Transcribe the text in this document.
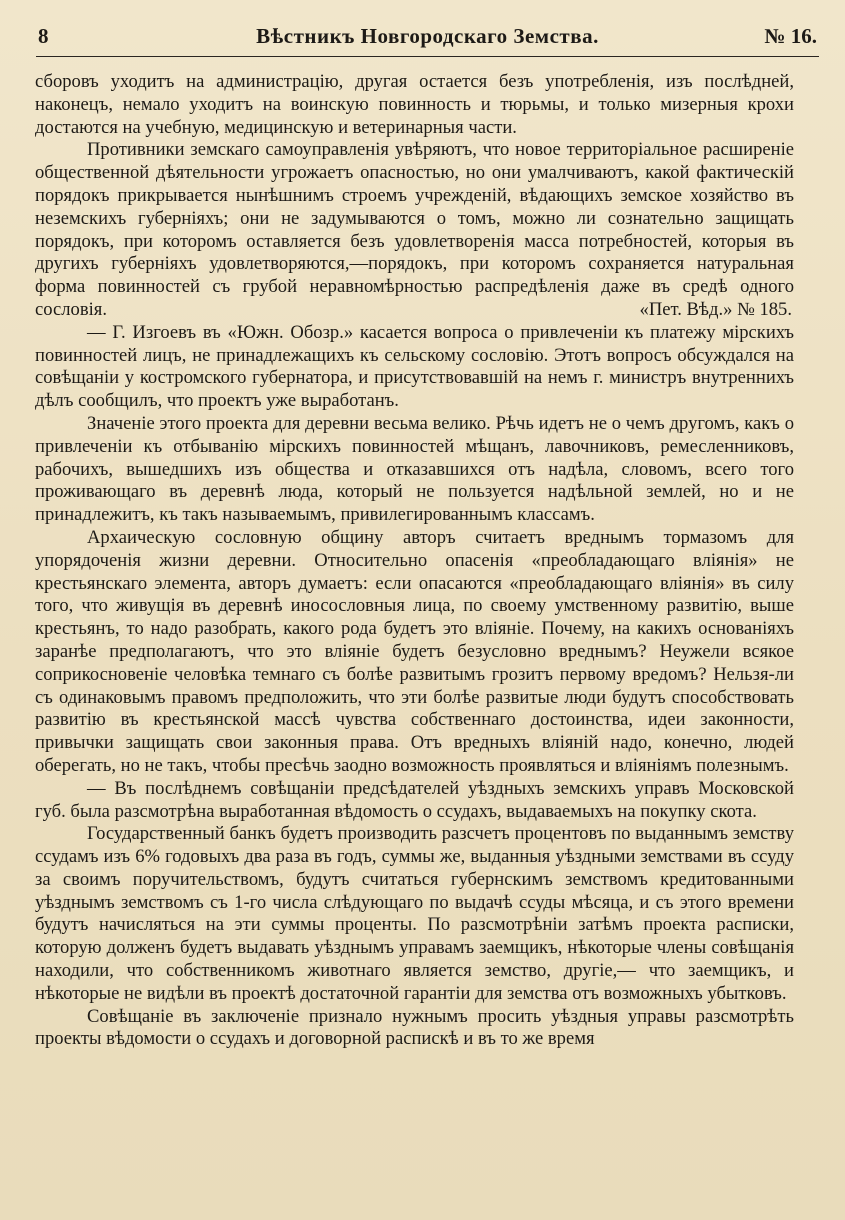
8	Вѣстникъ Новгородскаго Земства.	№ 16.

сборовъ уходитъ на администрацію, другая остается безъ употребленія, изъ послѣдней, наконецъ, немало уходитъ на воинскую повинность и тюрьмы, и только мизерныя крохи достаются на учебную, медицинскую и ветеринарныя части.

Противники земскаго самоуправленія увѣряютъ, что новое территоріальное расширеніе общественной дѣятельности угрожаетъ опасностью, но они умалчиваютъ, какой фактическій порядокъ прикрывается нынѣшнимъ строемъ учрежденій, вѣдающихъ земское хозяйство въ неземскихъ губерніяхъ; они не задумываются о томъ, можно ли сознательно защищать порядокъ, при которомъ оставляется безъ удовлетворенія масса потребностей, которыя въ другихъ губерніяхъ удовлетворяются,—порядокъ, при которомъ сохраняется натуральная форма повинностей съ грубой неравномѣрностью распредѣленія даже въ средѣ одного сословія.	«Пет. Вѣд.» № 185.

— Г. Изгоевъ въ «Южн. Обозр.» касается вопроса о привлеченіи къ платежу мірскихъ повинностей лицъ, не принадлежащихъ къ сельскому сословію. Этотъ вопросъ обсуждался на совѣщаніи у костромского губернатора, и присутствовавшій на немъ г. министръ внутреннихъ дѣлъ сообщилъ, что проектъ уже выработанъ.

Значеніе этого проекта для деревни весьма велико. Рѣчь идетъ не о чемъ другомъ, какъ о привлеченіи къ отбыванію мірскихъ повинностей мѣщанъ, лавочниковъ, ремесленниковъ, рабочихъ, вышедшихъ изъ общества и отказавшихся отъ надѣла, словомъ, всего того проживающаго въ деревнѣ люда, который не пользуется надѣльной землей, но и не принадлежитъ, къ такъ называемымъ, привилегированнымъ классамъ.

Архаическую сословную общину авторъ считаетъ вреднымъ тормазомъ для упорядоченія жизни деревни. Относительно опасенія «преобладающаго вліянія» не крестьянскаго элемента, авторъ думаетъ: если опасаются «преобладающаго вліянія» въ силу того, что живущія въ деревнѣ иносословныя лица, по своему умственному развитію, выше крестьянъ, то надо разобрать, какого рода будетъ это вліяніе. Почему, на какихъ основаніяхъ заранѣе предполагаютъ, что это вліяніе будетъ безусловно вреднымъ? Неужели всякое соприкосновеніе человѣка темнаго съ болѣе развитымъ грозитъ первому вредомъ? Нельзя-ли съ одинаковымъ правомъ предположить, что эти болѣе развитые люди будутъ способствовать развитію въ крестьянской массѣ чувства собственнаго достоинства, идеи законности, привычки защищать свои законныя права. Отъ вредныхъ вліяній надо, конечно, людей оберегать, но не такъ, чтобы пресѣчь заодно возможность проявляться и вліяніямъ полезнымъ.

— Въ послѣднемъ совѣщаніи предсѣдателей уѣздныхъ земскихъ управъ Московской губ. была разсмотрѣна выработанная вѣдомость о ссудахъ, выдаваемыхъ на покупку скота.

Государственный банкъ будетъ производить разсчетъ процентовъ по выданнымъ земству ссудамъ изъ 6% годовыхъ два раза въ годъ, суммы же, выданныя уѣздными земствами въ ссуду за своимъ поручительствомъ, будутъ считаться губернскимъ земствомъ кредитованными уѣзднымъ земствомъ съ 1-го числа слѣдующаго по выдачѣ ссуды мѣсяца, и съ этого времени будутъ начисляться на эти суммы проценты. По разсмотрѣніи затѣмъ проекта расписки, которую долженъ будетъ выдавать уѣзднымъ управамъ заемщикъ, нѣкоторые члены совѣщанія находили, что собственникомъ животнаго является земство, другіе,— что заемщикъ, и нѣкоторые не видѣли въ проектѣ достаточной гарантіи для земства отъ возможныхъ убытковъ.

Совѣщаніе въ заключеніе признало нужнымъ просить уѣздныя управы разсмотрѣть проекты вѣдомости о ссудахъ и договорной распискѣ и въ то же время
